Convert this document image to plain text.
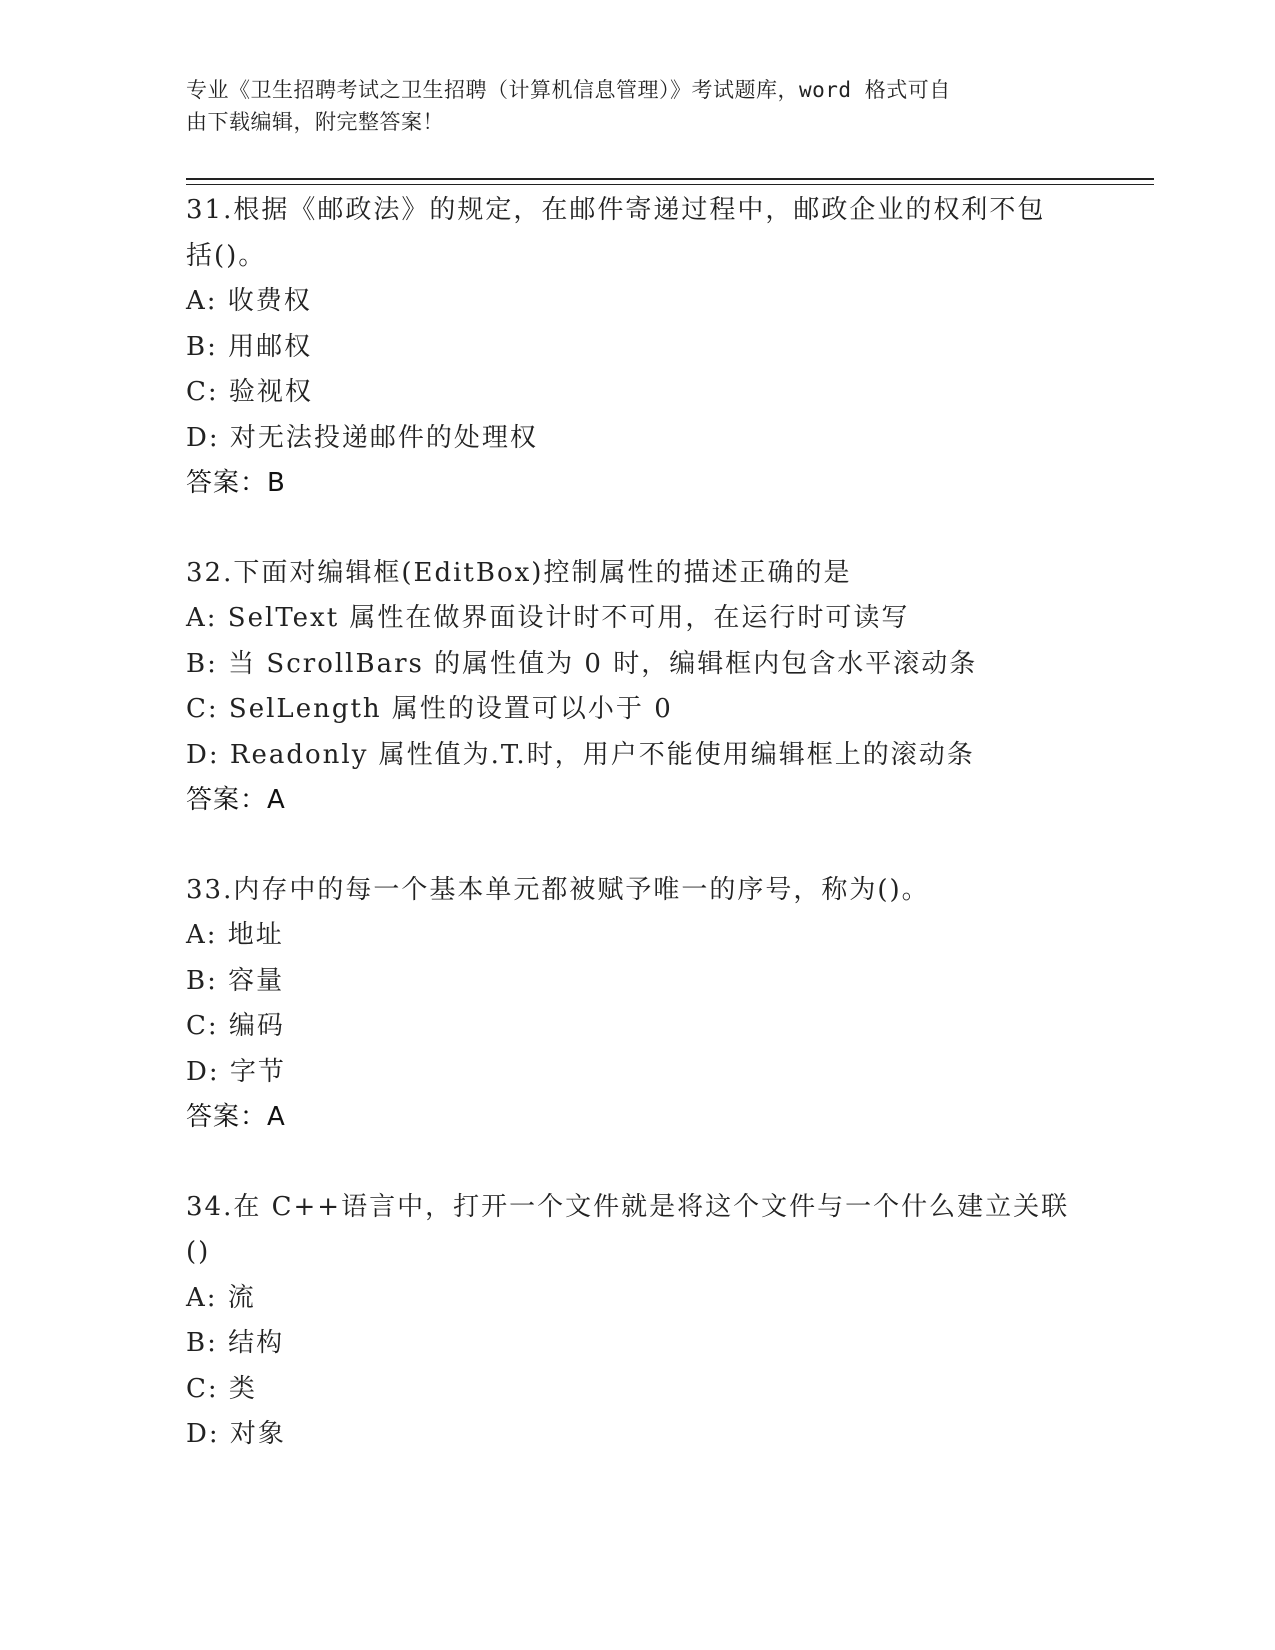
专业《卫生招聘考试之卫生招聘（计算机信息管理）》考试题库，word 格式可自
由下载编辑，附完整答案！
31.根据《邮政法》的规定，在邮件寄递过程中，邮政企业的权利不包
括()。
A: 收费权
B: 用邮权
C: 验视权
D: 对无法投递邮件的处理权
答案：B
32.下面对编辑框(EditBox)控制属性的描述正确的是
A: SelText 属性在做界面设计时不可用，在运行时可读写
B: 当 ScrollBars 的属性值为 0 时，编辑框内包含水平滚动条
C: SelLength 属性的设置可以小于 0
D: Readonly 属性值为.T.时，用户不能使用编辑框上的滚动条
答案：A
33.内存中的每一个基本单元都被赋予唯一的序号，称为()。
A: 地址
B: 容量
C: 编码
D: 字节
答案：A
34.在 C++语言中，打开一个文件就是将这个文件与一个什么建立关联
()
A: 流
B: 结构
C: 类
D: 对象
